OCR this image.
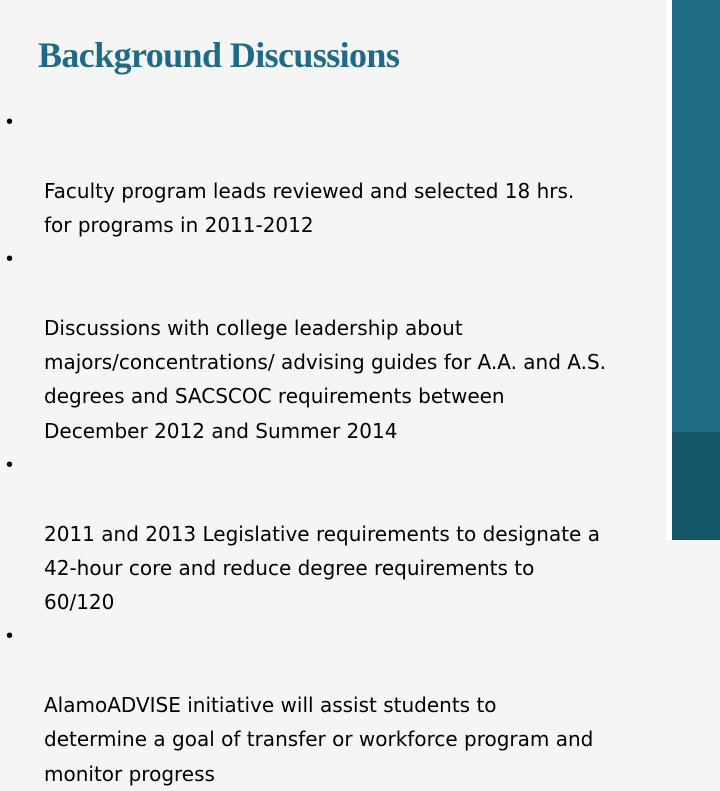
Background Discussions

•

Faculty program leads reviewed and selected 18 hrs.
for programs in 2011-2012

•

Discussions with college leadership about
majors/concentrations/ advising guides for A.A. and A.S.
degrees and SACSCOC requirements between
December 2012 and Summer 2014

•

2011 and 2013 Legislative requirements to designate a
42-hour core and reduce degree requirements to
60/120

•

AlamoADVISE initiative will assist students to
determine a goal of transfer or workforce program and
monitor progress
